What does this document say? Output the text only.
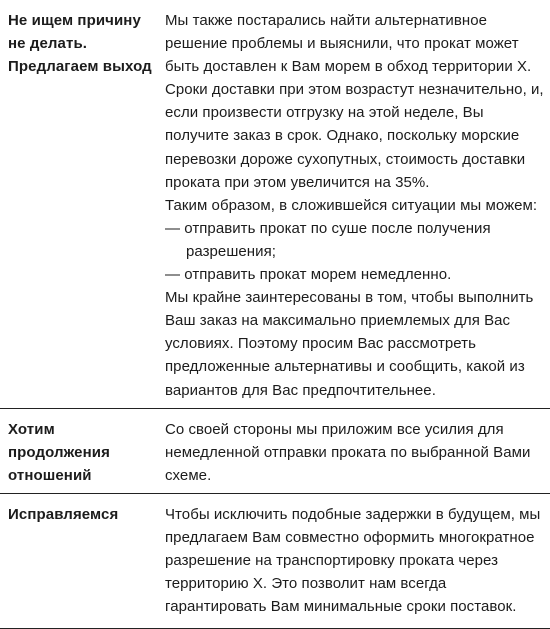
Не ищем причину не делать. Предлагаем выход	Мы также постарались найти альтернативное решение проблемы и выяснили, что прокат может быть доставлен к Вам морем в обход территории X. Сроки доставки при этом возрастут незначительно, и, если произвести отгрузку на этой неделе, Вы получите заказ в срок. Однако, поскольку морские перевозки дороже сухопутных, стоимость доставки проката при этом увеличится на 35%.

Таким образом, в сложившейся ситуации мы можем:

— отправить прокат по суше после получения разрешения;

— отправить прокат морем немедленно.

Мы крайне заинтересованы в том, чтобы выполнить Ваш заказ на максимально приемлемых для Вас условиях. Поэтому просим Вас рассмотреть предложенные альтернативы и сообщить, какой из вариантов для Вас предпочтительнее.

Хотим продолжения отношений	Со своей стороны мы приложим все усилия для немедленной отправки проката по выбранной Вами схеме.

Исправляемся	Чтобы исключить подобные задержки в будущем, мы предлагаем Вам совместно оформить многократное разрешение на транспортировку проката через территорию X. Это позволит нам всегда гарантировать Вам минимальные сроки поставок.
